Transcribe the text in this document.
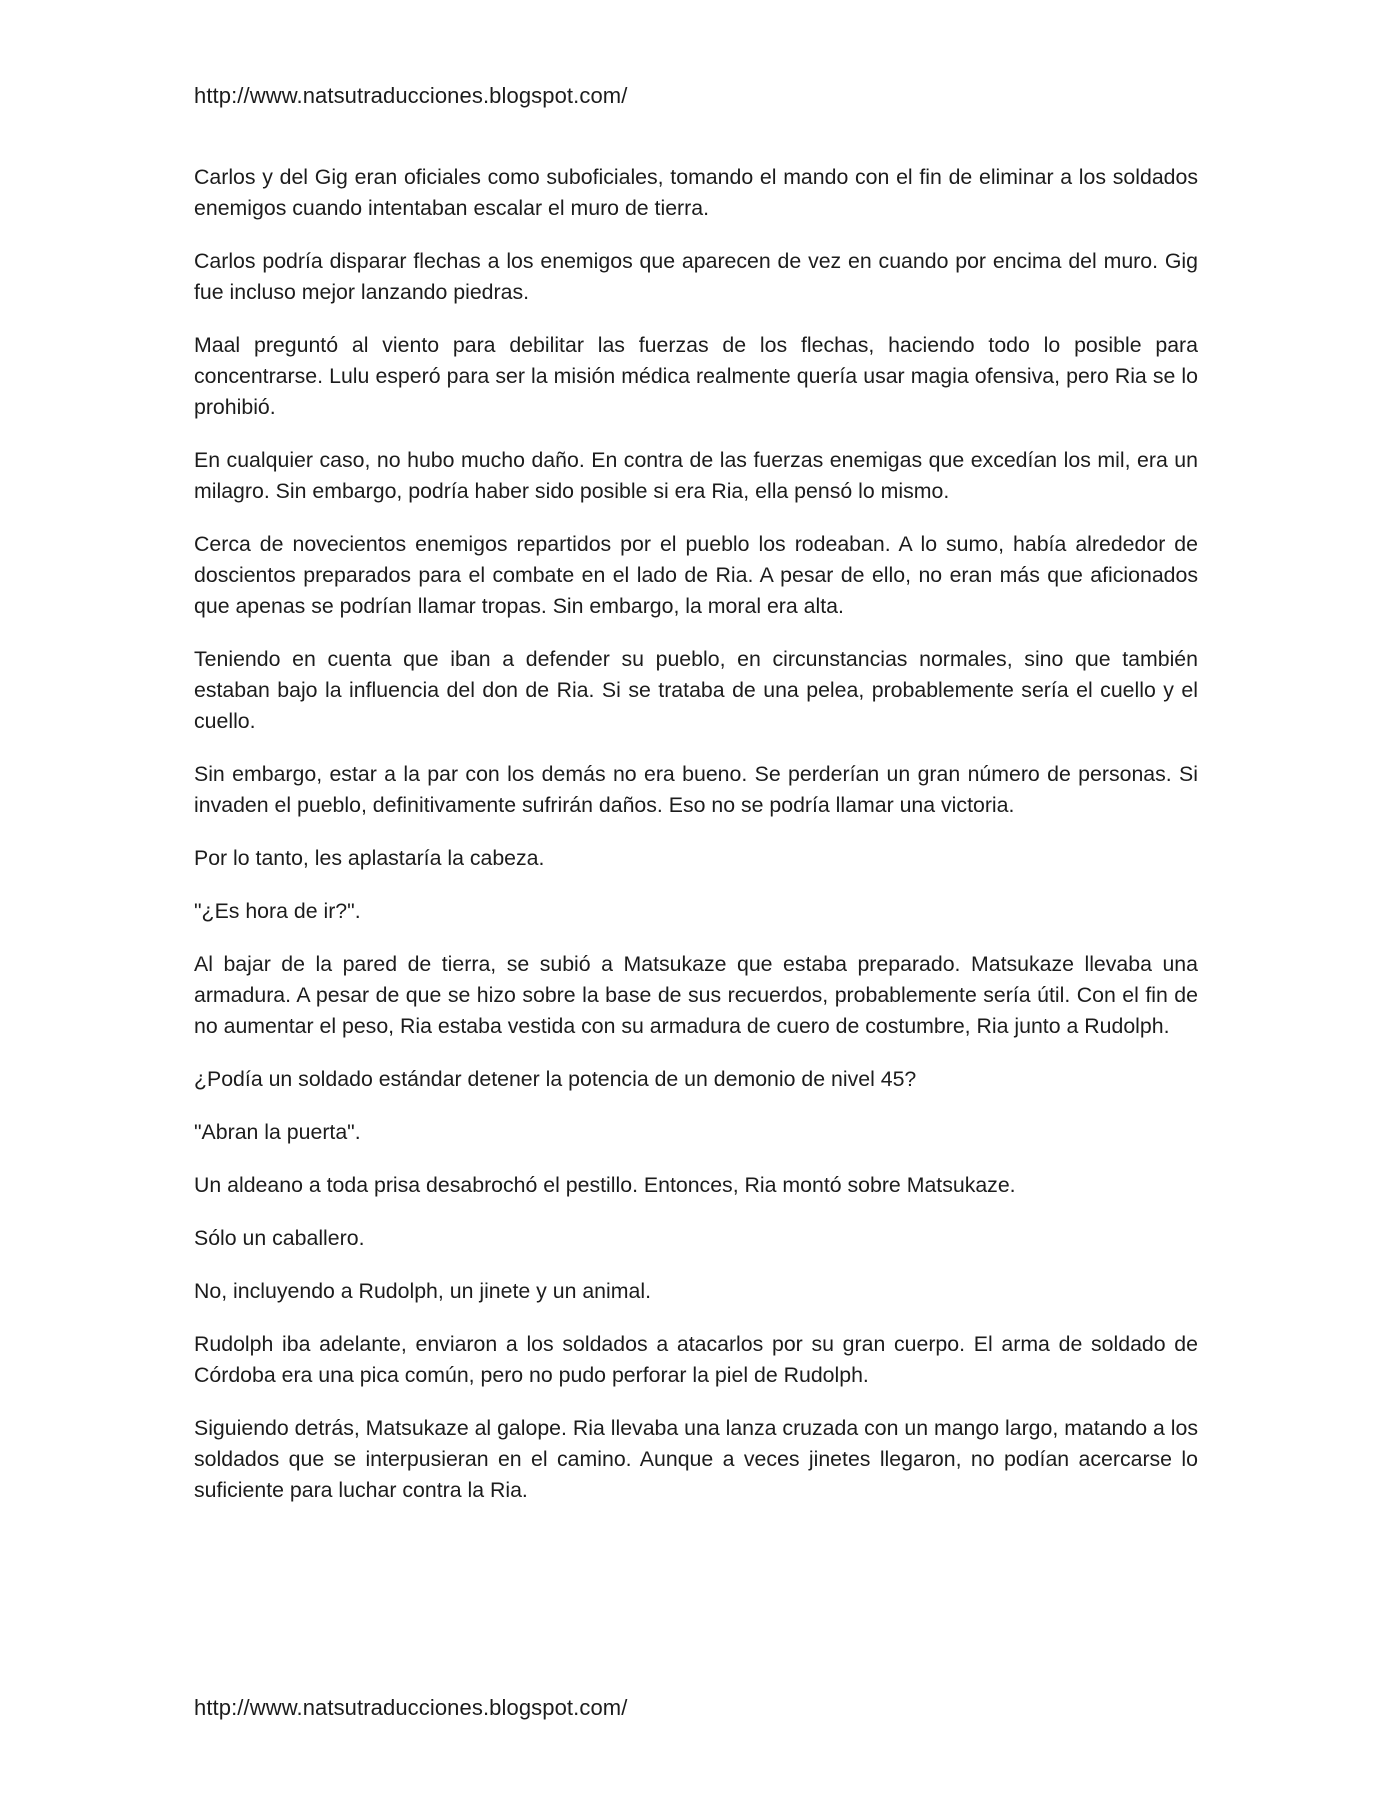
http://www.natsutraducciones.blogspot.com/

Carlos y del Gig eran oficiales como suboficiales, tomando el mando con el fin de eliminar a los soldados enemigos cuando intentaban escalar el muro de tierra.

Carlos podría disparar flechas a los enemigos que aparecen de vez en cuando por encima del muro. Gig fue incluso mejor lanzando piedras.

Maal preguntó al viento para debilitar las fuerzas de los flechas, haciendo todo lo posible para concentrarse. Lulu esperó para ser la misión médica realmente quería usar magia ofensiva, pero Ria se lo prohibió.

En cualquier caso, no hubo mucho daño. En contra de las fuerzas enemigas que excedían los mil, era un milagro. Sin embargo, podría haber sido posible si era Ria, ella pensó lo mismo.

Cerca de novecientos enemigos repartidos por el pueblo los rodeaban. A lo sumo, había alrededor de doscientos preparados para el combate en el lado de Ria. A pesar de ello, no eran más que aficionados que apenas se podrían llamar tropas. Sin embargo, la moral era alta.

Teniendo en cuenta que iban a defender su pueblo, en circunstancias normales, sino que también estaban bajo la influencia del don de Ria. Si se trataba de una pelea, probablemente sería el cuello y el cuello.

Sin embargo, estar a la par con los demás no era bueno. Se perderían un gran número de personas. Si invaden el pueblo, definitivamente sufrirán daños. Eso no se podría llamar una victoria.

Por lo tanto, les aplastaría la cabeza.

"¿Es hora de ir?".

Al bajar de la pared de tierra, se subió a Matsukaze que estaba preparado. Matsukaze llevaba una armadura. A pesar de que se hizo sobre la base de sus recuerdos, probablemente sería útil. Con el fin de no aumentar el peso, Ria estaba vestida con su armadura de cuero de costumbre, Ria junto a Rudolph.

¿Podía un soldado estándar detener la potencia de un demonio de nivel 45?

"Abran la puerta".

Un aldeano a toda prisa desabrochó el pestillo. Entonces, Ria montó sobre Matsukaze.

Sólo un caballero.

No, incluyendo a Rudolph, un jinete y un animal.

Rudolph iba adelante, enviaron a los soldados a atacarlos por su gran cuerpo. El arma de soldado de Córdoba era una pica común, pero no pudo perforar la piel de Rudolph.

Siguiendo detrás, Matsukaze al galope. Ria llevaba una lanza cruzada con un mango largo, matando a los soldados que se interpusieran en el camino. Aunque a veces jinetes llegaron, no podían acercarse lo suficiente para luchar contra la Ria.

http://www.natsutraducciones.blogspot.com/
